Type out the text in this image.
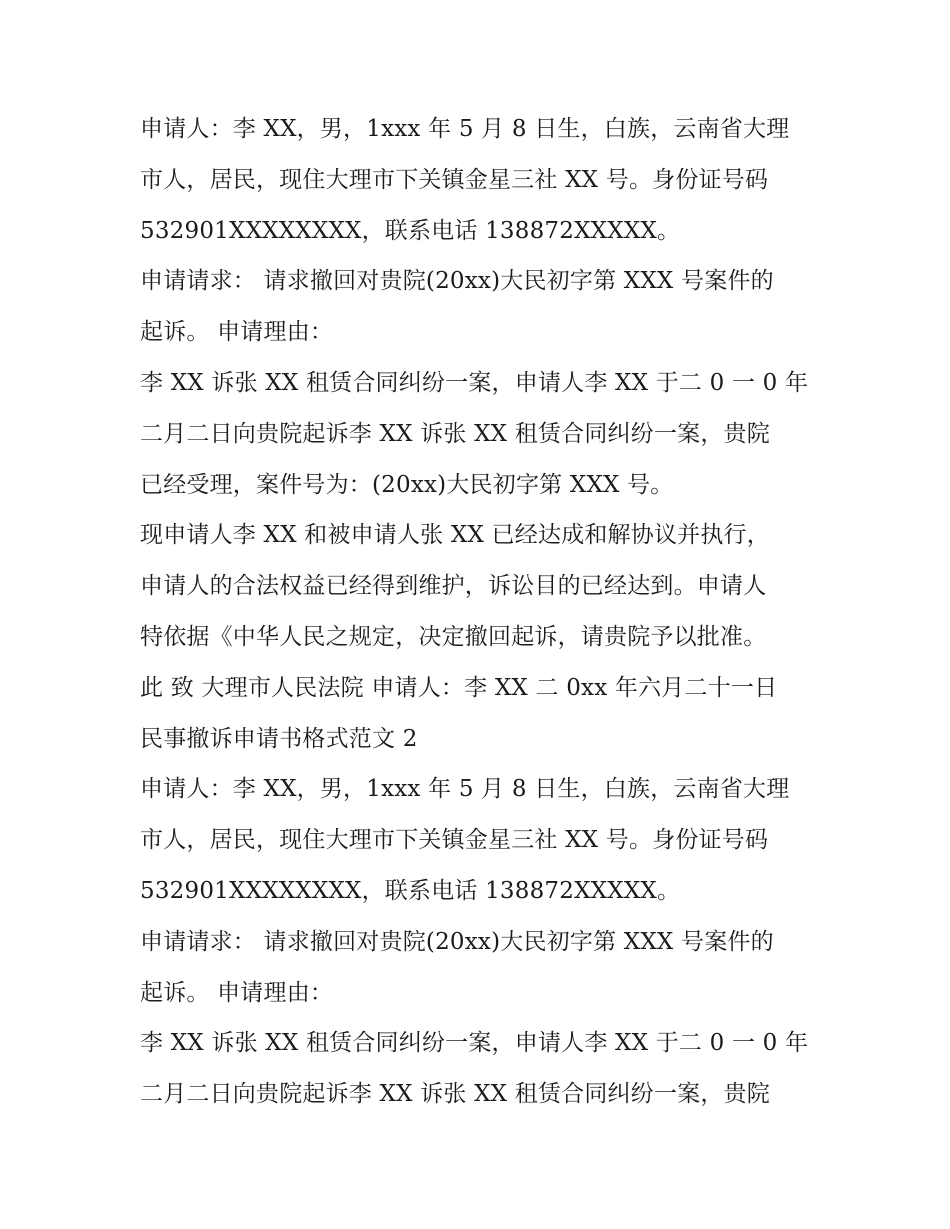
申请人：李 XX，男，1xxx 年 5 月 8 日生，白族，云南省大理
市人，居民，现住大理市下关镇金星三社 XX 号。身份证号码
532901XXXXXXXX，联系电话 138872XXXXX。
申请请求： 请求撤回对贵院(20xx)大民初字第 XXX 号案件的
起诉。 申请理由：
李 XX 诉张 XX 租赁合同纠纷一案，申请人李 XX 于二 0 一 0 年
二月二日向贵院起诉李 XX 诉张 XX 租赁合同纠纷一案，贵院
已经受理，案件号为：(20xx)大民初字第 XXX 号。
现申请人李 XX 和被申请人张 XX 已经达成和解协议并执行，
申请人的合法权益已经得到维护，诉讼目的已经达到。申请人
特依据《中华人民之规定，决定撤回起诉，请贵院予以批准。
此 致 大理市人民法院 申请人：李 XX 二 0xx 年六月二十一日
民事撤诉申请书格式范文 2
申请人：李 XX，男，1xxx 年 5 月 8 日生，白族，云南省大理
市人，居民，现住大理市下关镇金星三社 XX 号。身份证号码
532901XXXXXXXX，联系电话 138872XXXXX。
申请请求： 请求撤回对贵院(20xx)大民初字第 XXX 号案件的
起诉。 申请理由：
李 XX 诉张 XX 租赁合同纠纷一案，申请人李 XX 于二 0 一 0 年
二月二日向贵院起诉李 XX 诉张 XX 租赁合同纠纷一案，贵院
